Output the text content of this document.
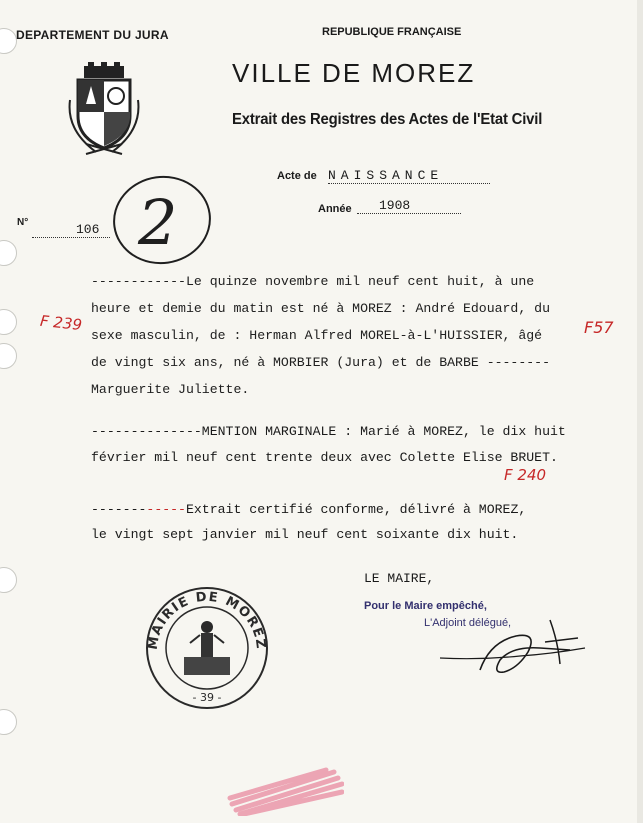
DEPARTEMENT DU JURA	REPUBLIQUE FRANÇAISE
VILLE DE MOREZ
Extrait des Registres des Actes de l'Etat Civil
Acte de NAISSANCE
Année	1908
N°	106 2
------------Le quinze novembre mil neuf cent huit, à une
heure et demie du matin est né à MOREZ : André Edouard, du
sexe masculin, de : Herman Alfred MOREL-à-L'HUISSIER, âgé
de vingt six ans, né à MORBIER (Jura) et de BARBE --------
Marguerite Juliette.
F 239	F57
--------------MENTION MARGINALE : Marié à MOREZ, le dix huit
février mil neuf cent trente deux avec Colette Elise BRUET.
F 240
------------Extrait certifié conforme, délivré à MOREZ,
le vingt sept janvier mil neuf cent soixante dix huit.
LE MAIRE,
Pour le Maire empêché,
L'Adjoint délégué,
MAIRIE DE MOREZ
- 39 -
